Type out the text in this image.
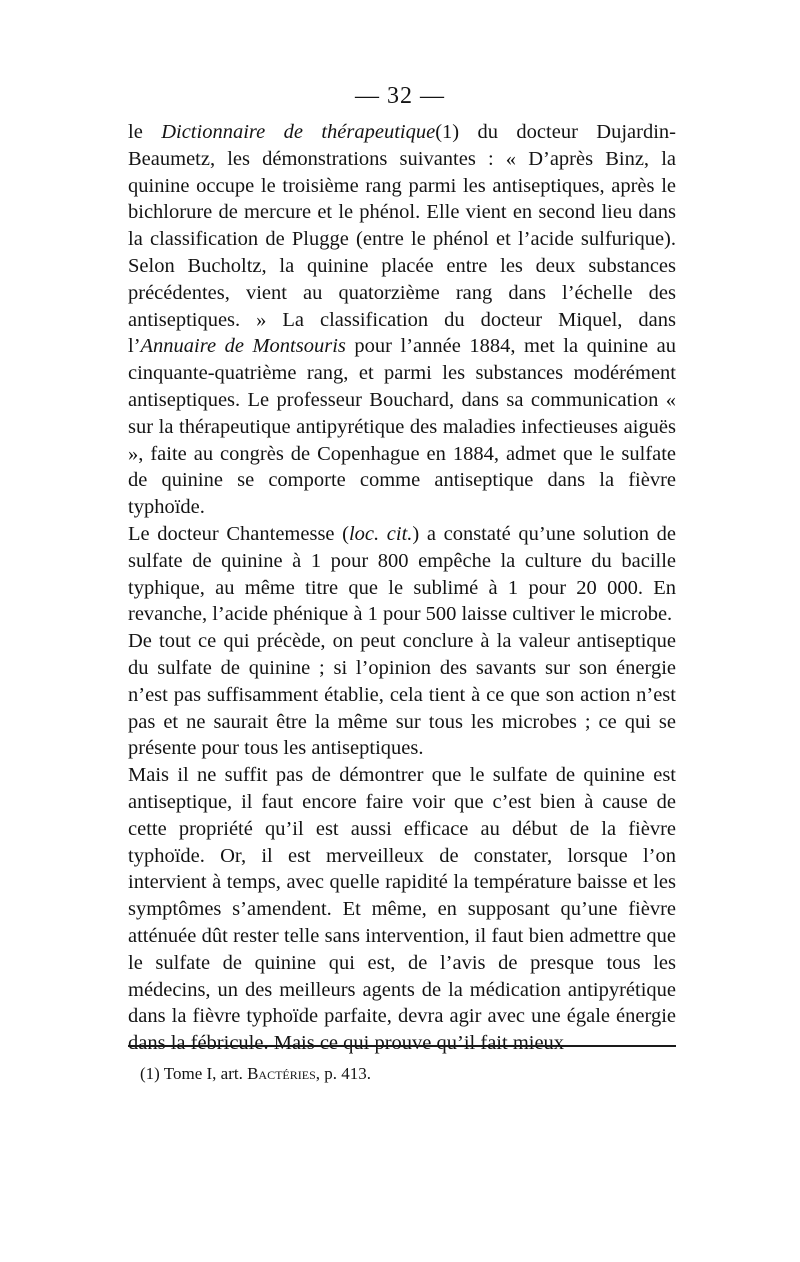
— 32 —

le Dictionnaire de thérapeutique(1) du docteur Dujardin-Beaumetz, les démonstrations suivantes : « D’après Binz, la quinine occupe le troisième rang parmi les antiseptiques, après le bichlorure de mercure et le phénol. Elle vient en second lieu dans la classification de Plugge (entre le phénol et l’acide sulfurique). Selon Bucholtz, la quinine placée entre les deux substances précédentes, vient au quatorzième rang dans l’échelle des antiseptiques. » La classification du docteur Miquel, dans l’Annuaire de Montsouris pour l’année 1884, met la quinine au cinquante-quatrième rang, et parmi les substances modérément antiseptiques. Le professeur Bouchard, dans sa communication « sur la thérapeutique antipyrétique des maladies infectieuses aiguës », faite au congrès de Copenhague en 1884, admet que le sulfate de quinine se comporte comme antiseptique dans la fièvre typhoïde.

Le docteur Chantemesse (loc. cit.) a constaté qu’une solution de sulfate de quinine à 1 pour 800 empêche la culture du bacille typhique, au même titre que le sublimé à 1 pour 20 000. En revanche, l’acide phénique à 1 pour 500 laisse cultiver le microbe.

De tout ce qui précède, on peut conclure à la valeur antiseptique du sulfate de quinine ; si l’opinion des savants sur son énergie n’est pas suffisamment établie, cela tient à ce que son action n’est pas et ne saurait être la même sur tous les microbes ; ce qui se présente pour tous les antiseptiques.

Mais il ne suffit pas de démontrer que le sulfate de quinine est antiseptique, il faut encore faire voir que c’est bien à cause de cette propriété qu’il est aussi efficace au début de la fièvre typhoïde. Or, il est merveilleux de constater, lorsque l’on intervient à temps, avec quelle rapidité la température baisse et les symptômes s’amendent. Et même, en supposant qu’une fièvre atténuée dût rester telle sans intervention, il faut bien admettre que le sulfate de quinine qui est, de l’avis de presque tous les médecins, un des meilleurs agents de la médication antipyrétique dans la fièvre typhoïde parfaite, devra agir avec une égale énergie dans la fébricule. Mais ce qui prouve qu’il fait mieux

(1) Tome I, art. Bactéries, p. 413.
